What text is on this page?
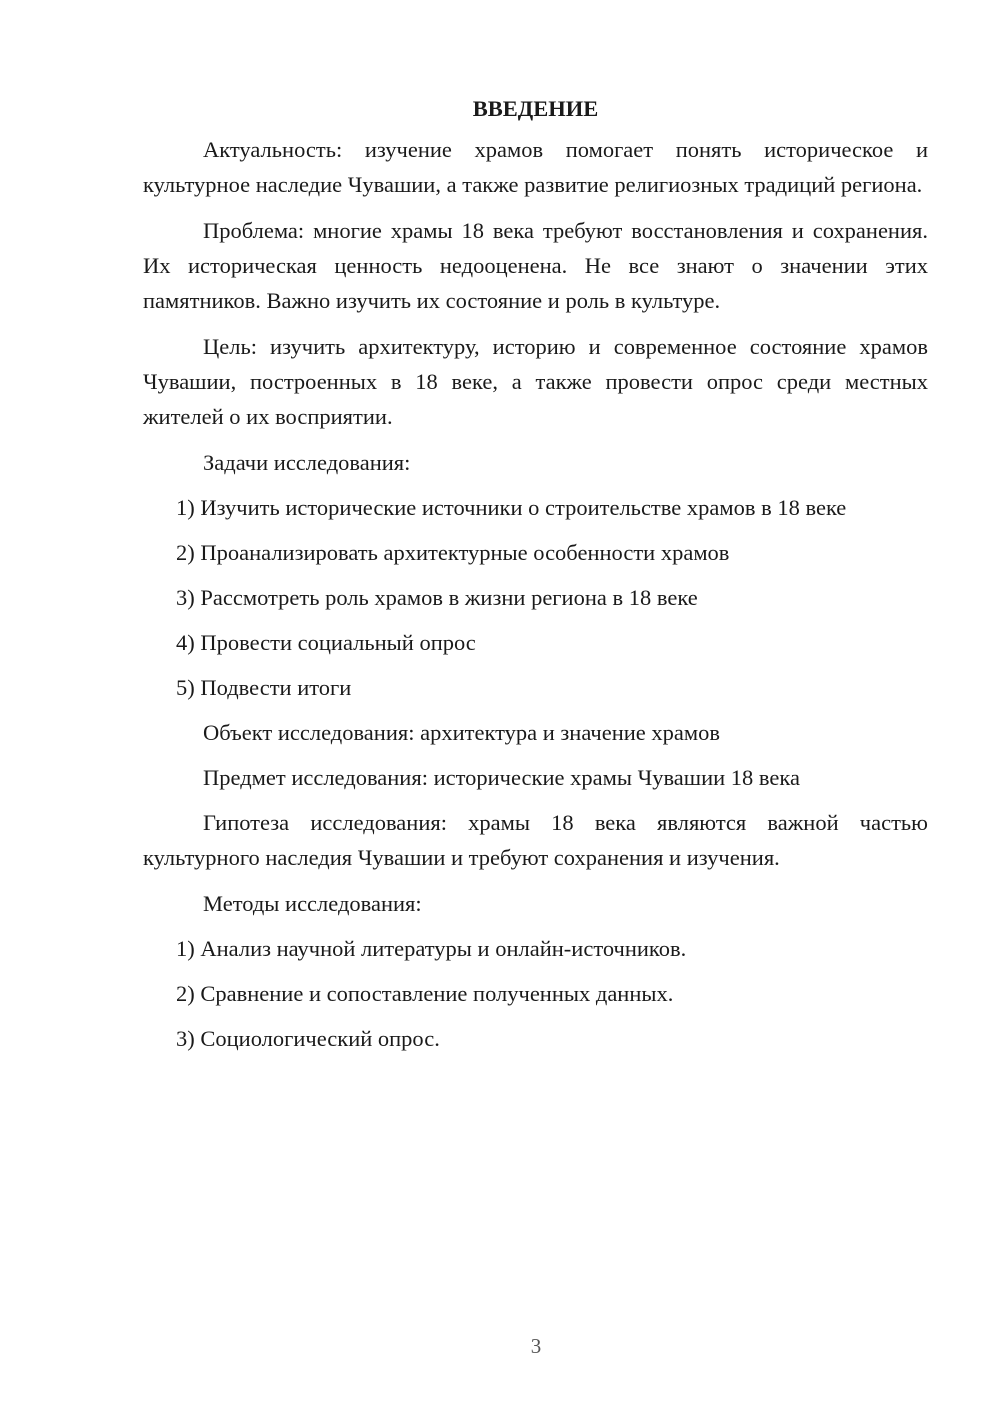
ВВЕДЕНИЕ

Актуальность: изучение храмов помогает понять историческое и культурное наследие Чувашии, а также развитие религиозных традиций региона.

Проблема: многие храмы 18 века требуют восстановления и сохранения. Их историческая ценность недооценена. Не все знают о значении этих памятников. Важно изучить их состояние и роль в культуре.

Цель: изучить архитектуру, историю и современное состояние храмов Чувашии, построенных в 18 веке, а также провести опрос среди местных жителей о их восприятии.

Задачи исследования:
1) Изучить исторические источники о строительстве храмов в 18 веке
2) Проанализировать архитектурные особенности храмов
3) Рассмотреть роль храмов в жизни региона в 18 веке
4) Провести социальный опрос
5) Подвести итоги
Объект исследования: архитектура и значение храмов
Предмет исследования: исторические храмы Чувашии 18 века

Гипотеза исследования: храмы 18 века являются важной частью культурного наследия Чувашии и требуют сохранения и изучения.

Методы исследования:
1) Анализ научной литературы и онлайн-источников.
2) Сравнение и сопоставление полученных данных.
3) Социологический опрос.
3
